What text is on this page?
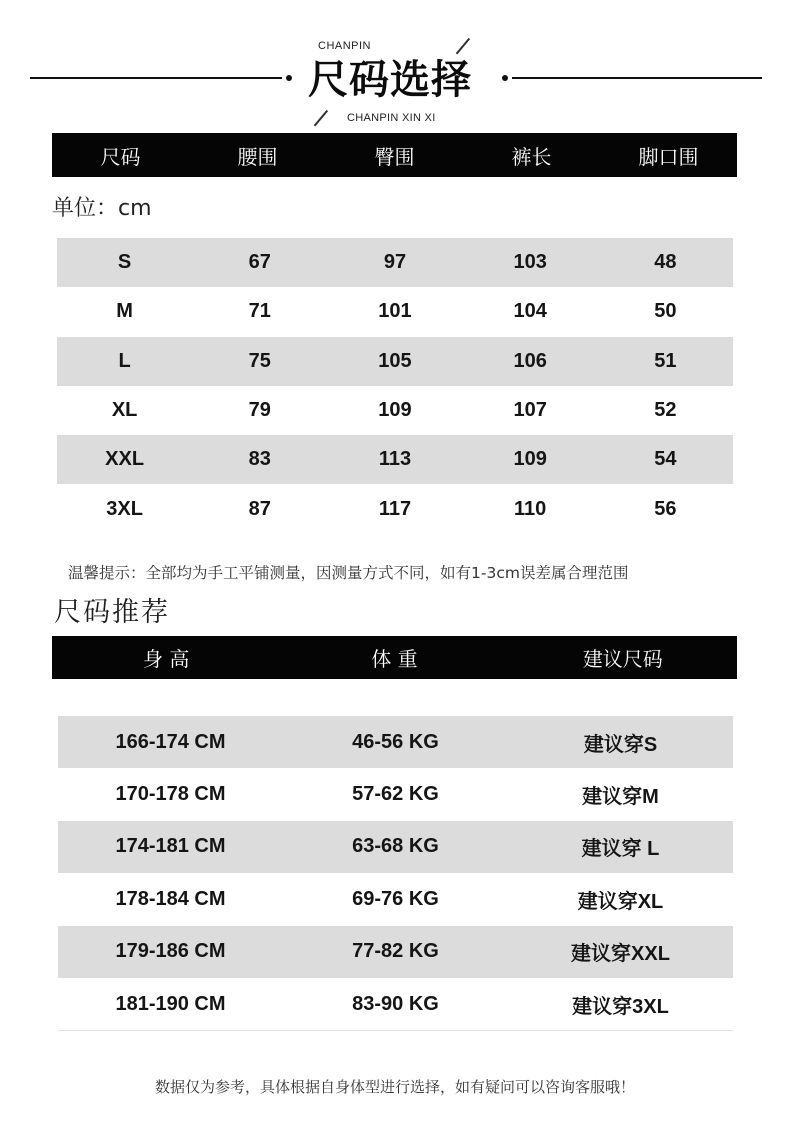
CHANPIN
尺码选择
CHANPIN XIN XI
尺码	腰围	臀围	裤长	脚口围
单位：cm
S	67	97	103	48
M	71	101	104	50
L	75	105	106	51
XL	79	109	107	52
XXL	83	113	109	54
3XL	87	117	110	56
温馨提示：全部均为手工平铺测量，因测量方式不同，如有1-3cm误差属合理范围
尺码推荐
身 高	体 重	建议尺码
166-174 CM	46-56 KG	建议穿S
170-178 CM	57-62 KG	建议穿M
174-181 CM	63-68 KG	建议穿 L
178-184 CM	69-76 KG	建议穿XL
179-186 CM	77-82 KG	建议穿XXL
181-190 CM	83-90 KG	建议穿3XL
数据仅为参考，具体根据自身体型进行选择，如有疑问可以咨询客服哦！
